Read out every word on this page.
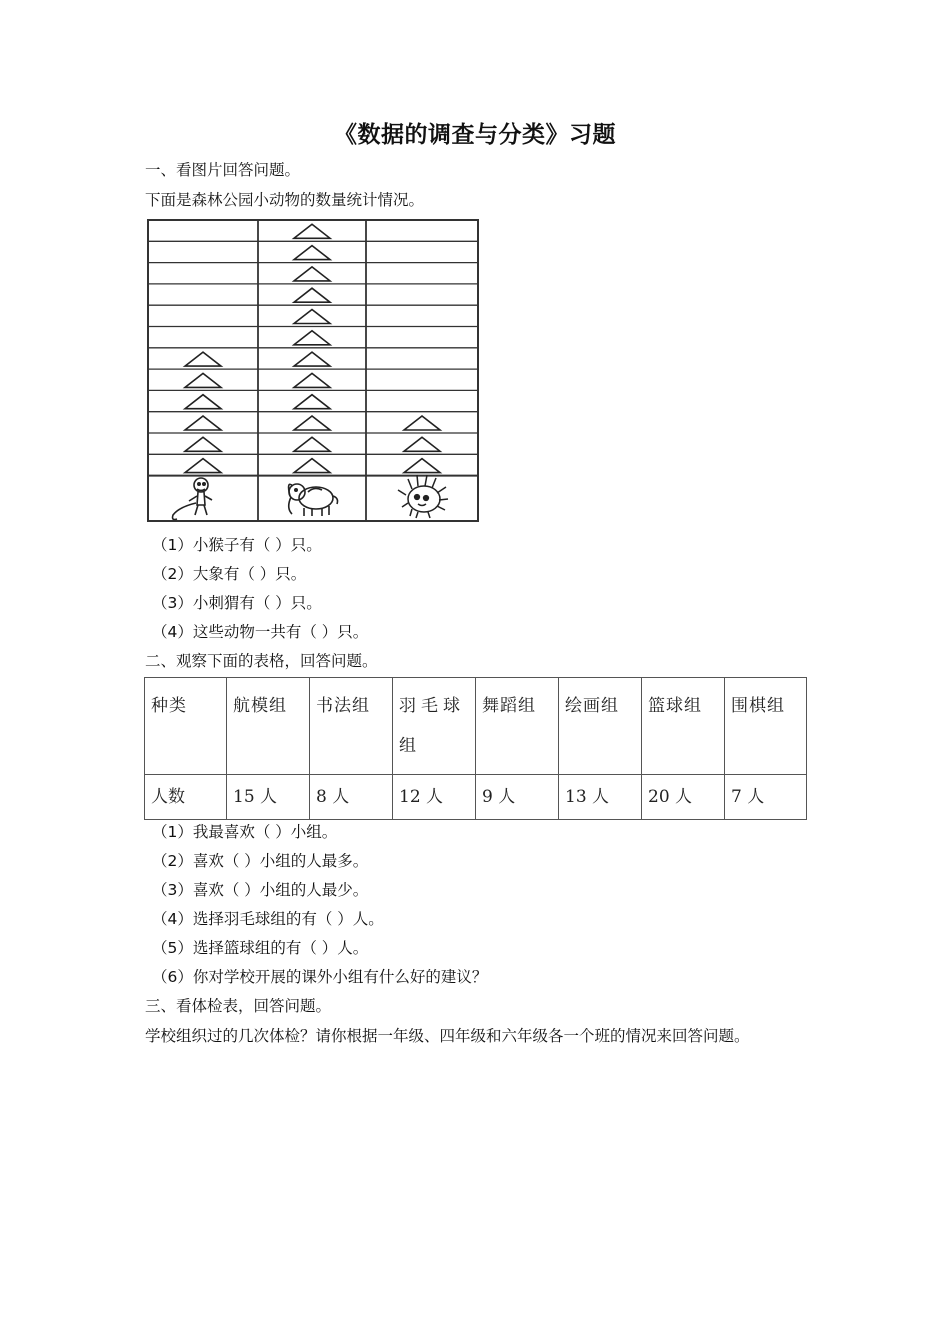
《数据的调查与分类》习题
一、看图片回答问题。
下面是森林公园小动物的数量统计情况。
（1）小猴子有（ ）只。
（2）大象有（ ）只。
（3）小刺猬有（ ）只。
（4）这些动物一共有（ ）只。
二、观察下面的表格，回答问题。
种类	航模组	书法组	羽毛球组	舞蹈组	绘画组	篮球组	围棋组
人数	15 人	8 人	12 人	9 人	13 人	20 人	7 人
（1）我最喜欢（ ）小组。
（2）喜欢（ ）小组的人最多。
（3）喜欢（ ）小组的人最少。
（4）选择羽毛球组的有（ ）人。
（5）选择篮球组的有（ ）人。
（6）你对学校开展的课外小组有什么好的建议？
三、看体检表，回答问题。
学校组织过的几次体检？请你根据一年级、四年级和六年级各一个班的情况来回答问题。
